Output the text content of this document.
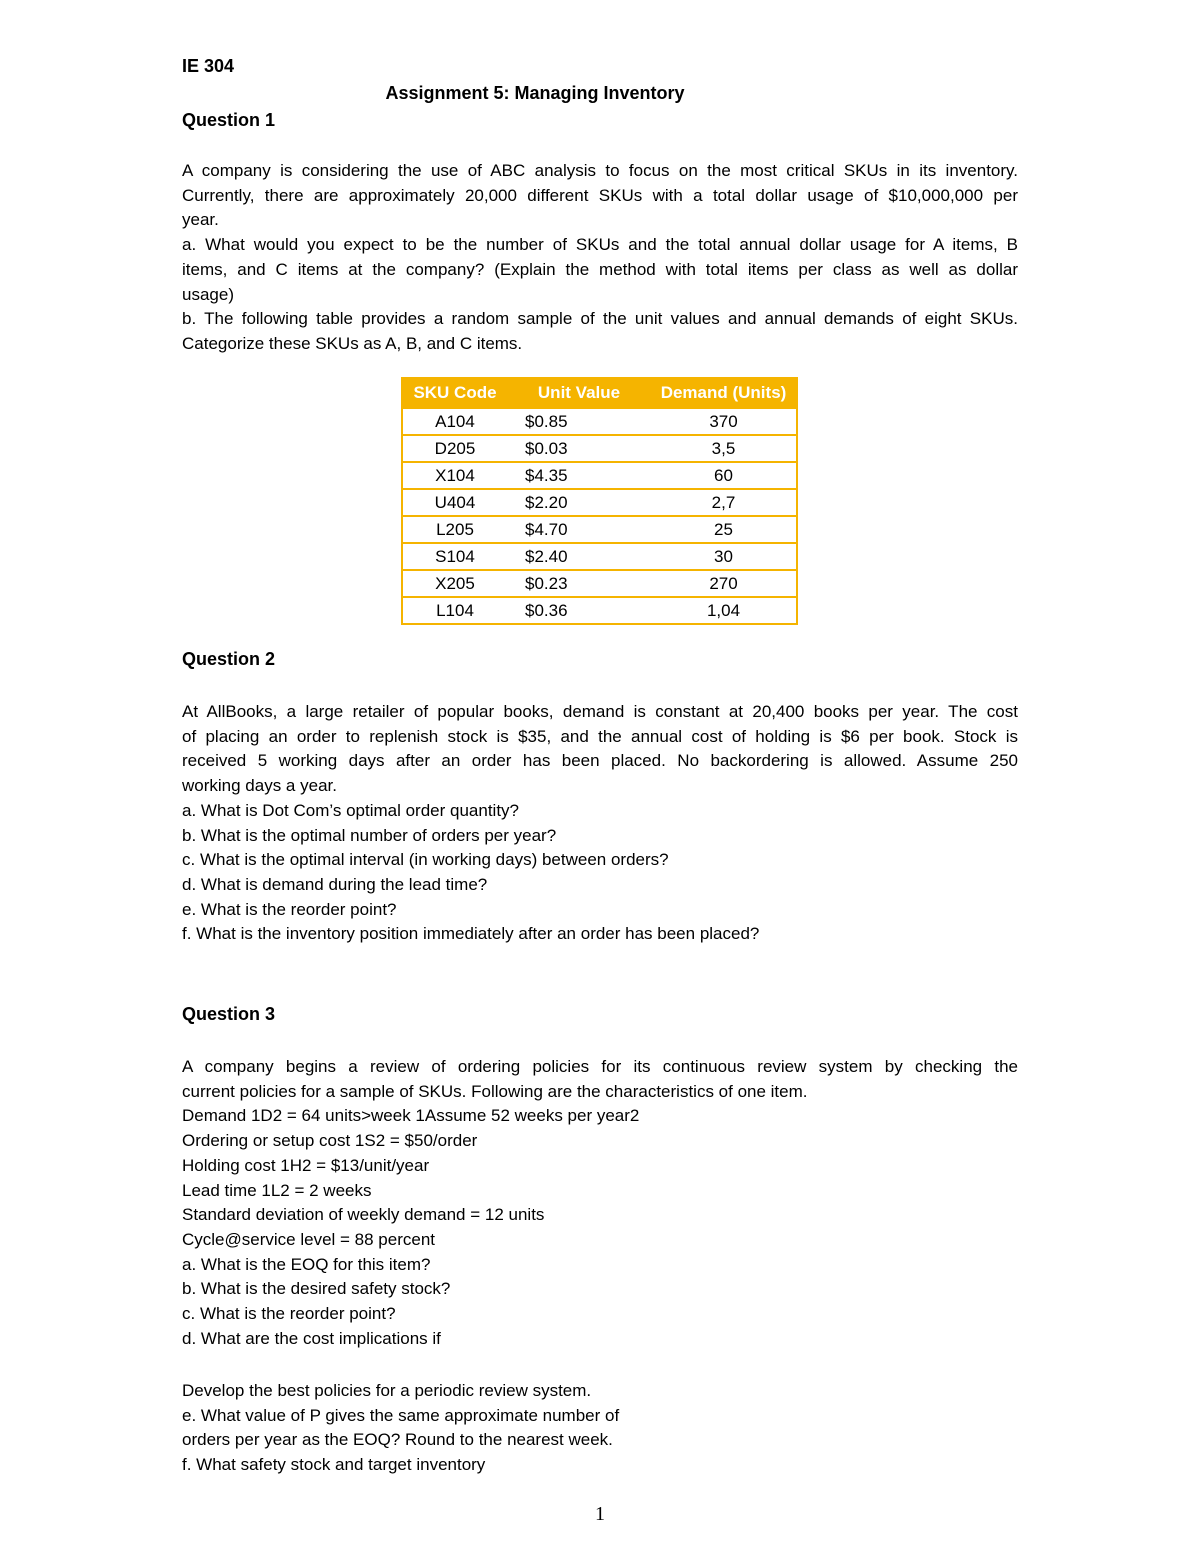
IE 304
Assignment 5: Managing Inventory
Question 1
A company is considering the use of ABC analysis to focus on the most critical SKUs in its inventory.
Currently, there are approximately 20,000 different SKUs with a total dollar usage of $10,000,000 per
year.
a. What would you expect to be the number of SKUs and the total annual dollar usage for A items, B
items, and C items at the company? (Explain the method with total items per class as well as dollar
usage)
b. The following table provides a random sample of the unit values and annual demands of eight SKUs.
Categorize these SKUs as A, B, and C items.
SKU Code	Unit Value	Demand (Units)
A104	$0.85	370
D205	$0.03	3,5
X104	$4.35	60
U404	$2.20	2,7
L205	$4.70	25
S104	$2.40	30
X205	$0.23	270
L104	$0.36	1,04
Question 2
At AllBooks, a large retailer of popular books, demand is constant at 20,400 books per year. The cost
of placing an order to replenish stock is $35, and the annual cost of holding is $6 per book. Stock is
received 5 working days after an order has been placed. No backordering is allowed. Assume 250
working days a year.
a. What is Dot Com’s optimal order quantity?
b. What is the optimal number of orders per year?
c. What is the optimal interval (in working days) between orders?
d. What is demand during the lead time?
e. What is the reorder point?
f. What is the inventory position immediately after an order has been placed?
Question 3
A company begins a review of ordering policies for its continuous review system by checking the
current policies for a sample of SKUs. Following are the characteristics of one item.
Demand 1D2 = 64 units>week 1Assume 52 weeks per year2
Ordering or setup cost 1S2 = $50/order
Holding cost 1H2 = $13/unit/year
Lead time 1L2 = 2 weeks
Standard deviation of weekly demand = 12 units
Cycle@service level = 88 percent
a. What is the EOQ for this item?
b. What is the desired safety stock?
c. What is the reorder point?
d. What are the cost implications if
Develop the best policies for a periodic review system.
e. What value of P gives the same approximate number of
orders per year as the EOQ? Round to the nearest week.
f. What safety stock and target inventory
1
